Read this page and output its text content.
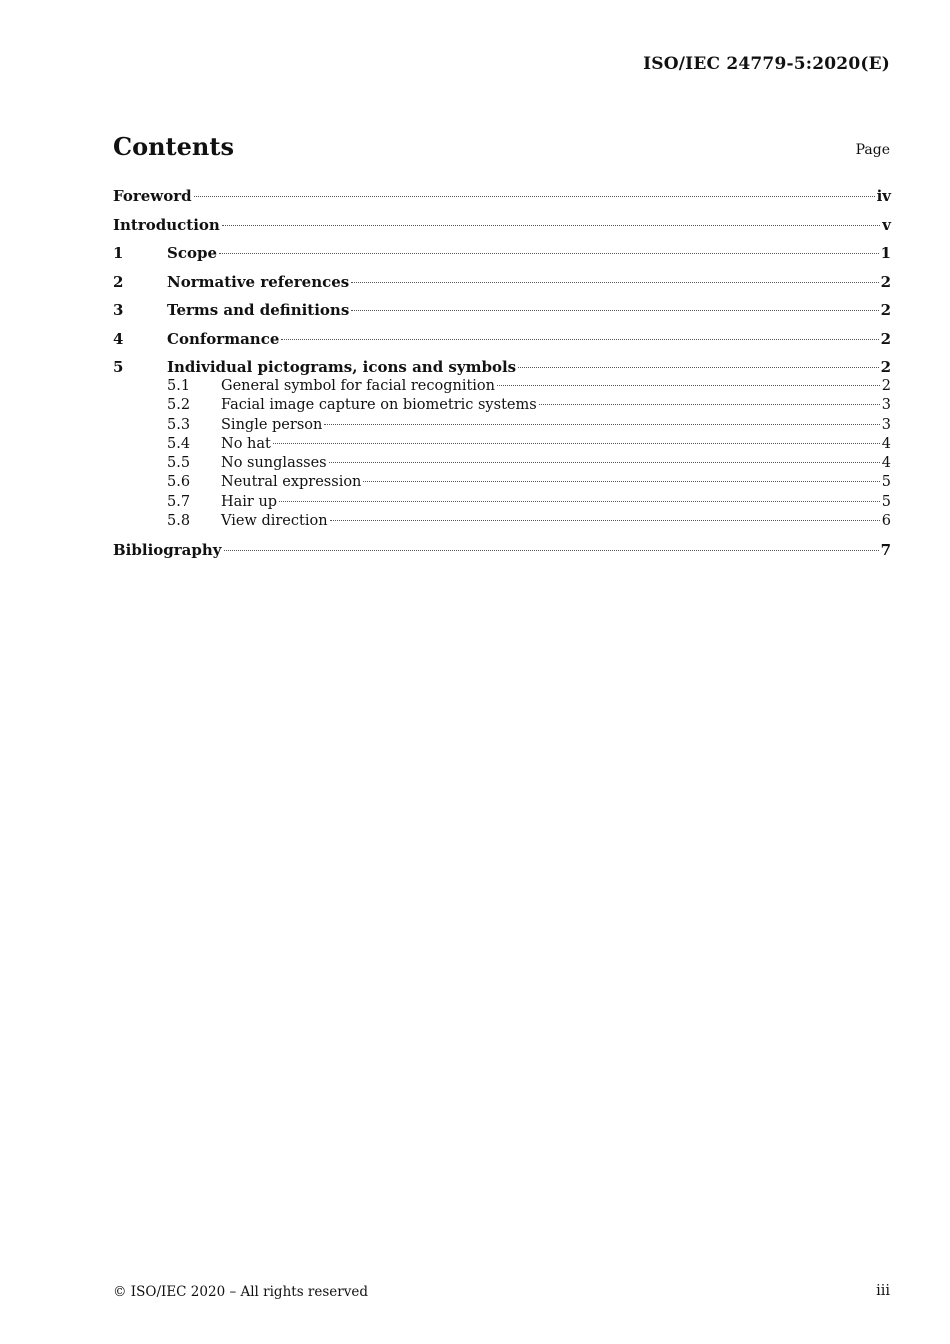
ISO/IEC 24779-5:2020(E)
Contents	Page
Foreword	iv
Introduction	v
1	Scope	1
2	Normative references	2
3	Terms and definitions	2
4	Conformance	2
5	Individual pictograms, icons and symbols	2
5.1	General symbol for facial recognition	2
5.2	Facial image capture on biometric systems	3
5.3	Single person	3
5.4	No hat	4
5.5	No sunglasses	4
5.6	Neutral expression	5
5.7	Hair up	5
5.8	View direction	6
Bibliography	7
© ISO/IEC 2020 – All rights reserved	iii
